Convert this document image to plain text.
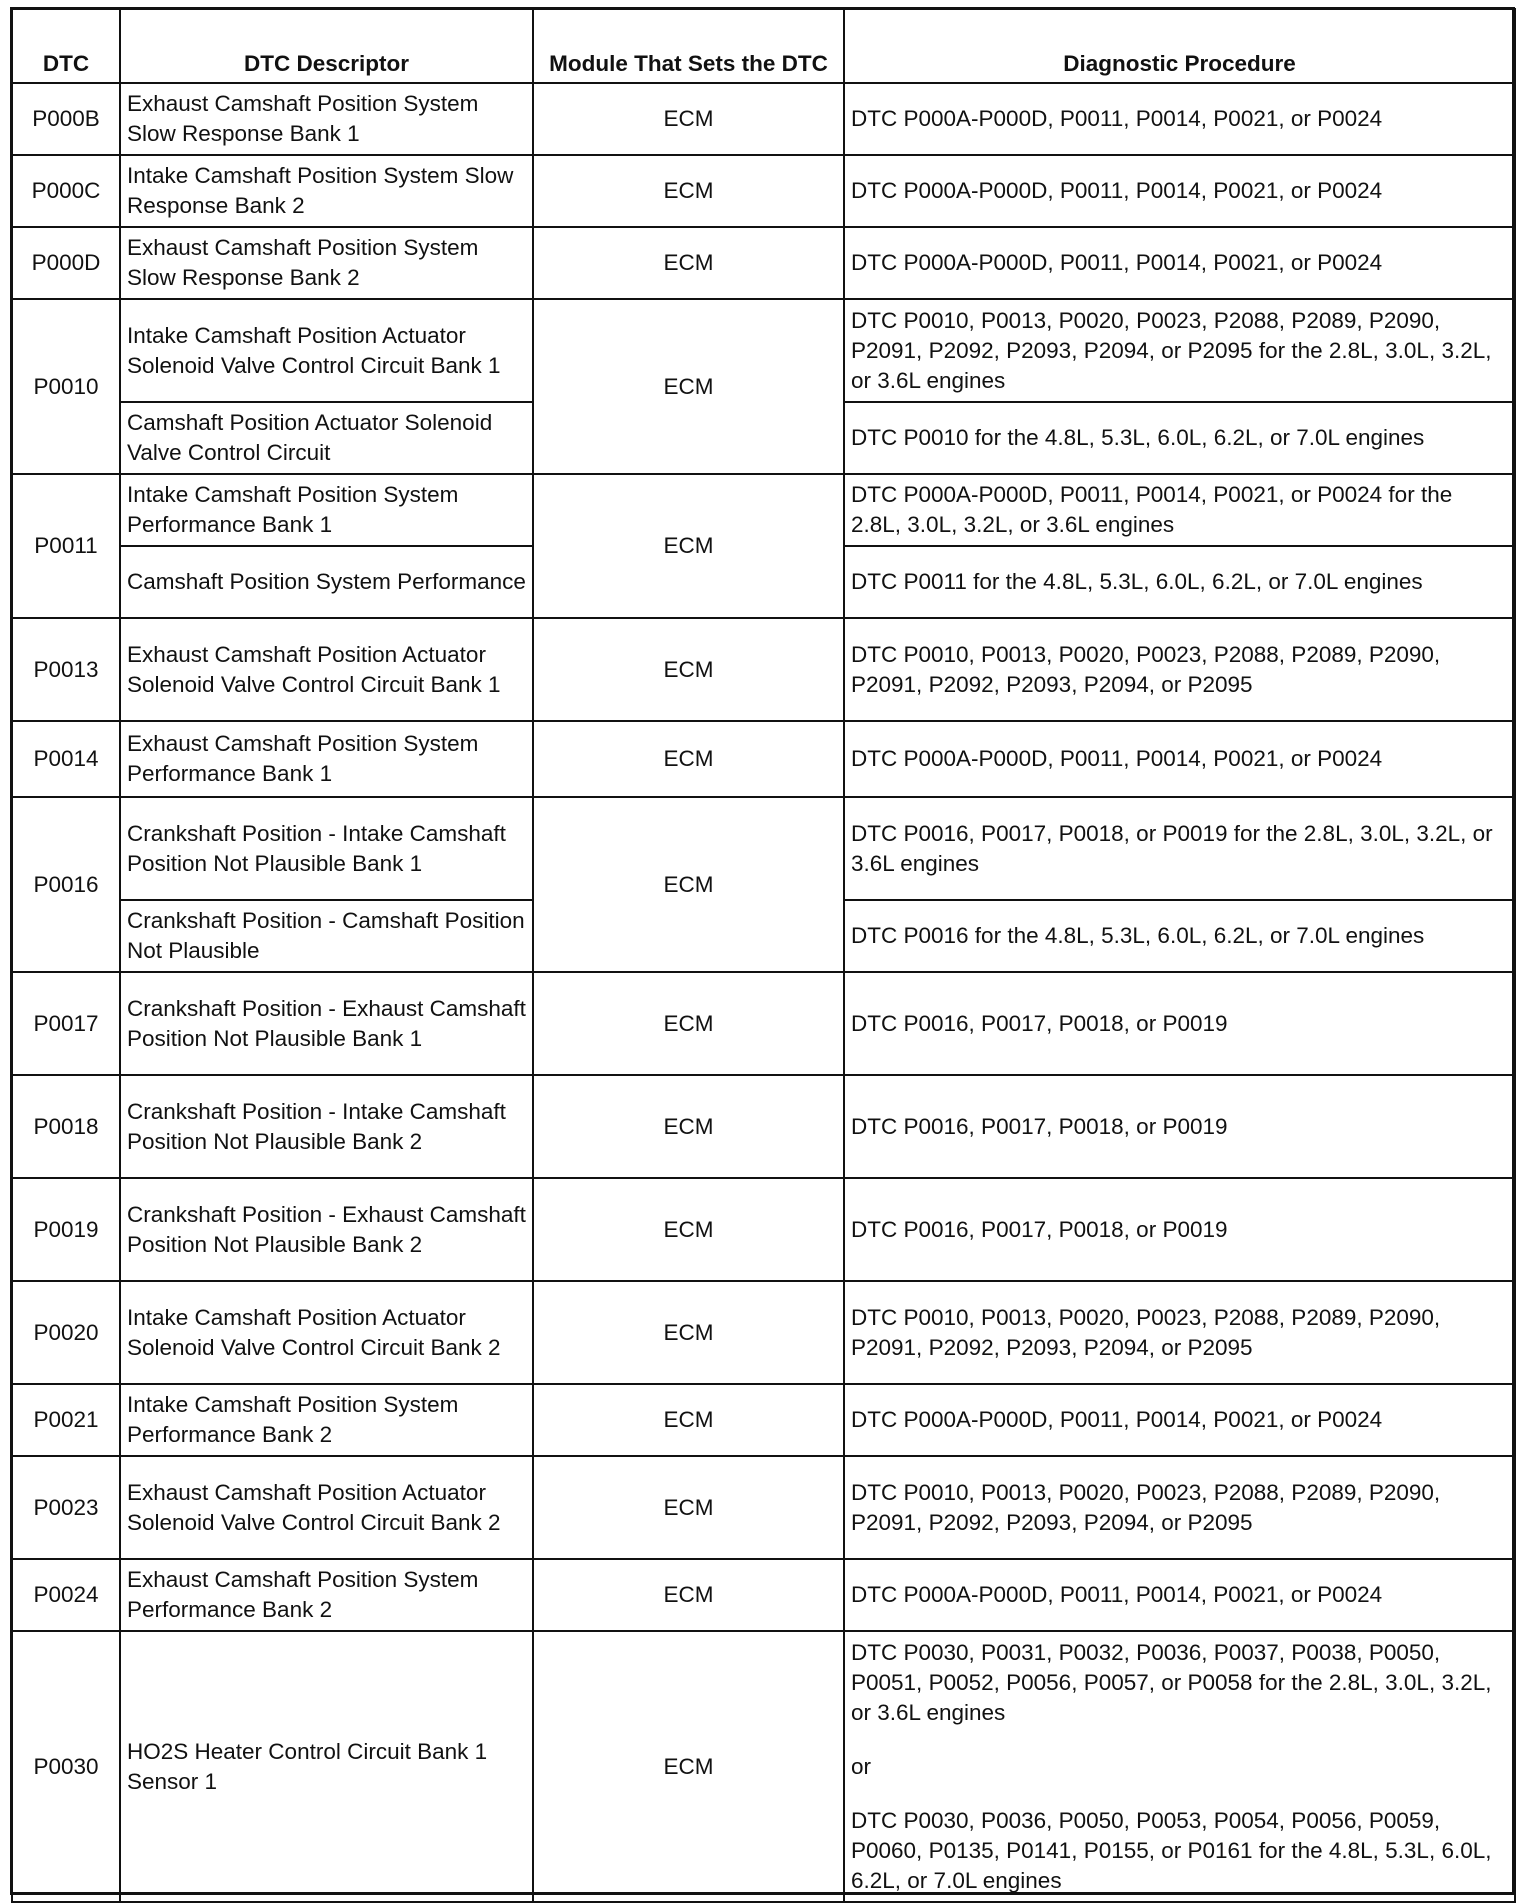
DTC	DTC Descriptor	Module That Sets the DTC	Diagnostic Procedure
P000B	Exhaust Camshaft Position System Slow Response Bank 1	ECM	DTC P000A-P000D, P0011, P0014, P0021, or P0024
P000C	Intake Camshaft Position System Slow Response Bank 2	ECM	DTC P000A-P000D, P0011, P0014, P0021, or P0024
P000D	Exhaust Camshaft Position System Slow Response Bank 2	ECM	DTC P000A-P000D, P0011, P0014, P0021, or P0024
P0010	Intake Camshaft Position Actuator Solenoid Valve Control Circuit Bank 1	ECM	DTC P0010, P0013, P0020, P0023, P2088, P2089, P2090, P2091, P2092, P2093, P2094, or P2095 for the 2.8L, 3.0L, 3.2L, or 3.6L engines
	Camshaft Position Actuator Solenoid Valve Control Circuit		DTC P0010 for the 4.8L, 5.3L, 6.0L, 6.2L, or 7.0L engines
P0011	Intake Camshaft Position System Performance Bank 1	ECM	DTC P000A-P000D, P0011, P0014, P0021, or P0024 for the 2.8L, 3.0L, 3.2L, or 3.6L engines
	Camshaft Position System Performance		DTC P0011 for the 4.8L, 5.3L, 6.0L, 6.2L, or 7.0L engines
P0013	Exhaust Camshaft Position Actuator Solenoid Valve Control Circuit Bank 1	ECM	DTC P0010, P0013, P0020, P0023, P2088, P2089, P2090, P2091, P2092, P2093, P2094, or P2095
P0014	Exhaust Camshaft Position System Performance Bank 1	ECM	DTC P000A-P000D, P0011, P0014, P0021, or P0024
P0016	Crankshaft Position - Intake Camshaft Position Not Plausible Bank 1	ECM	DTC P0016, P0017, P0018, or P0019 for the 2.8L, 3.0L, 3.2L, or 3.6L engines
	Crankshaft Position - Camshaft Position Not Plausible		DTC P0016 for the 4.8L, 5.3L, 6.0L, 6.2L, or 7.0L engines
P0017	Crankshaft Position - Exhaust Camshaft Position Not Plausible Bank 1	ECM	DTC P0016, P0017, P0018, or P0019
P0018	Crankshaft Position - Intake Camshaft Position Not Plausible Bank 2	ECM	DTC P0016, P0017, P0018, or P0019
P0019	Crankshaft Position - Exhaust Camshaft Position Not Plausible Bank 2	ECM	DTC P0016, P0017, P0018, or P0019
P0020	Intake Camshaft Position Actuator Solenoid Valve Control Circuit Bank 2	ECM	DTC P0010, P0013, P0020, P0023, P2088, P2089, P2090, P2091, P2092, P2093, P2094, or P2095
P0021	Intake Camshaft Position System Performance Bank 2	ECM	DTC P000A-P000D, P0011, P0014, P0021, or P0024
P0023	Exhaust Camshaft Position Actuator Solenoid Valve Control Circuit Bank 2	ECM	DTC P0010, P0013, P0020, P0023, P2088, P2089, P2090, P2091, P2092, P2093, P2094, or P2095
P0024	Exhaust Camshaft Position System Performance Bank 2	ECM	DTC P000A-P000D, P0011, P0014, P0021, or P0024
P0030	HO2S Heater Control Circuit Bank 1 Sensor 1	ECM	DTC P0030, P0031, P0032, P0036, P0037, P0038, P0050, P0051, P0052, P0056, P0057, or P0058 for the 2.8L, 3.0L, 3.2L, or 3.6L engines
or
DTC P0030, P0036, P0050, P0053, P0054, P0056, P0059, P0060, P0135, P0141, P0155, or P0161 for the 4.8L, 5.3L, 6.0L, 6.2L, or 7.0L engines
